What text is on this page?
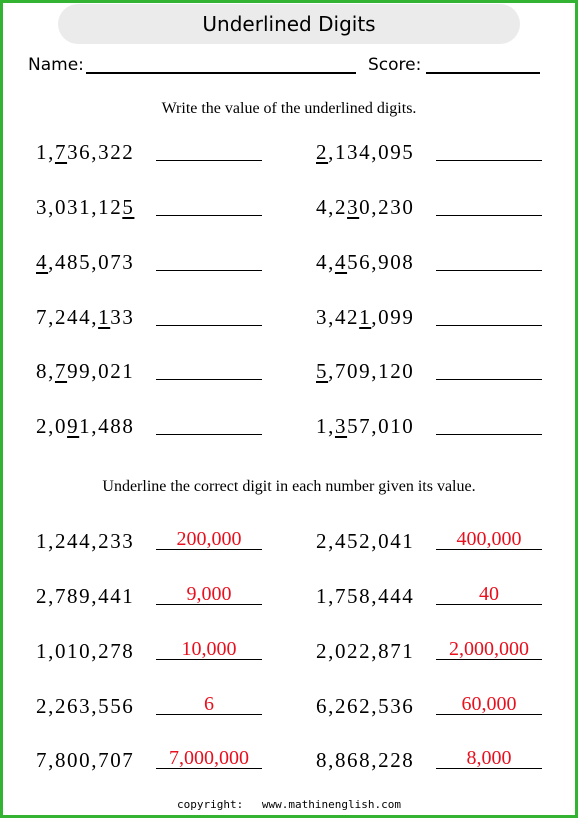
Underlined Digits
Name:	Score:
Write the value of the underlined digits.
Underline the correct digit in each number given its value.
1,736,322	2,134,095
3,031,125	4,230,230
4,485,073	4,456,908
7,244,133	3,421,099
8,799,021	5,709,120
2,091,488	1,357,010
1,244,233	200,000	2,452,041	400,000
2,789,441	9,000	1,758,444	40
1,010,278	10,000	2,022,871	2,000,000
2,263,556	6	6,262,536	60,000
7,800,707	7,000,000	8,868,228	8,000
copyright: www.mathinenglish.com
